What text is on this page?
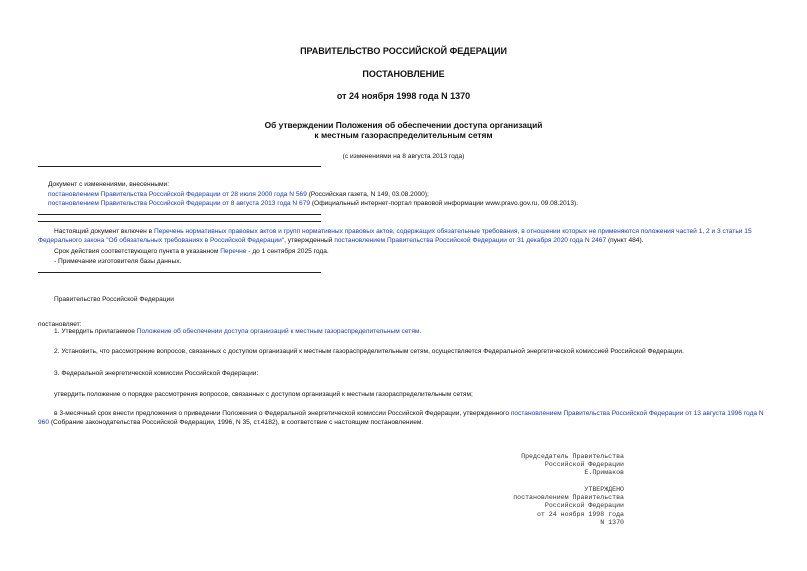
ПРАВИТЕЛЬСТВО РОССИЙСКОЙ ФЕДЕРАЦИИ
ПОСТАНОВЛЕНИЕ
от 24 ноября 1998 года N 1370
Об утверждении Положения об обеспечении доступа организаций
к местным газораспределительным сетям
(с изменениями на 8 августа 2013 года)
Документ с изменениями, внесенными:
постановлением Правительства Российской Федерации от 28 июля 2000 года N 569 (Российская газета, N 149, 03.08.2000);
постановлением Правительства Российской Федерации от 8 августа 2013 года N 679 (Официальный интернет-портал правовой информации www.pravo.gov.ru, 09.08.2013).
Настоящий документ включен в Перечень нормативных правовых актов и групп нормативных правовых актов, содержащих обязательные требования, в отношении которых не применяются положения частей 1, 2 и 3 статьи 15 Федерального закона "Об обязательных требованиях в Российской Федерации", утвержденный постановлением Правительства Российской Федерации от 31 декабря 2020 года N 2467 (пункт 484).
Срок действия соответствующего пункта в указанном Перечне - до 1 сентября 2025 года.
- Примечание изготовителя базы данных.
Правительство Российской Федерации
постановляет:
1. Утвердить прилагаемое Положение об обеспечении доступа организаций к местным газораспределительным сетям.
2. Установить, что рассмотрение вопросов, связанных с доступом организаций к местным газораспределительным сетям, осуществляется Федеральной энергетической комиссией Российской Федерации.
3. Федеральной энергетической комиссии Российской Федерации:
утвердить положение о порядке рассмотрения вопросов, связанных с доступом организаций к местным газораспределительным сетям;
в 3-месячный срок внести предложения о приведении Положения о Федеральной энергетической комиссии Российской Федерации, утвержденного постановлением Правительства Российской Федерации от 13 августа 1996 года N 960 (Собрание законодательства Российской Федерации, 1996, N 35, ст.4182), в соответствие с настоящим постановлением.
Председатель Правительства
Российской Федерации
Е.Примаков
УТВЕРЖДЕНО
постановлением Правительства
Российской Федерации
от 24 ноября 1998 года
N 1370
